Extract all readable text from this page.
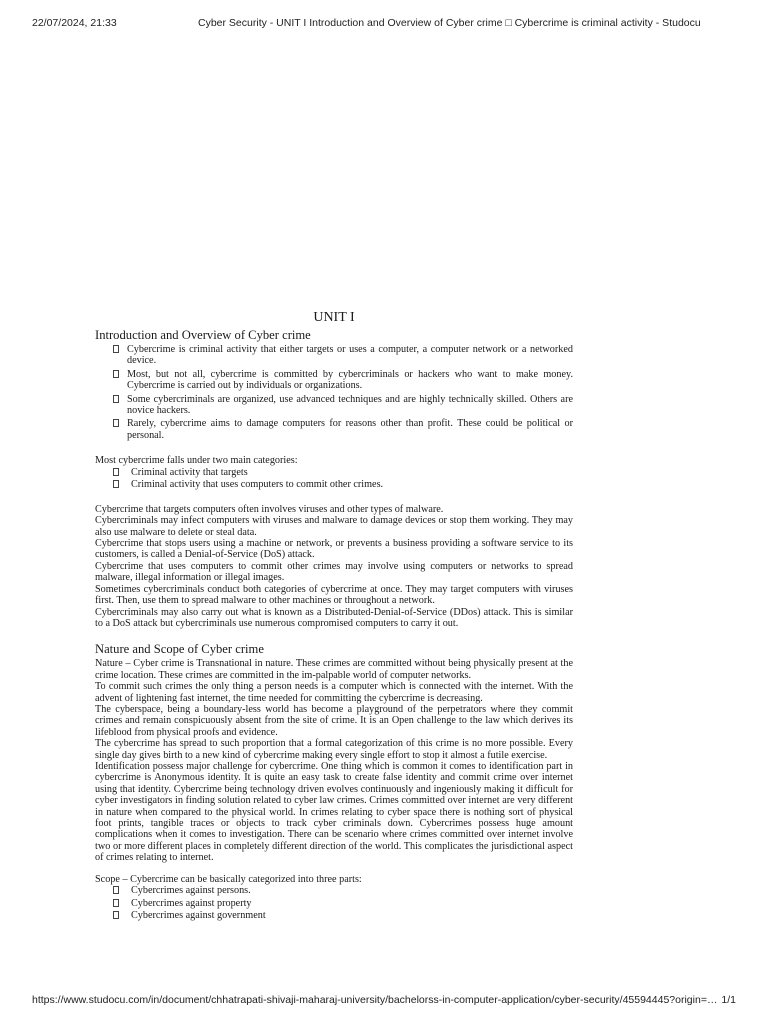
22/07/2024, 21:33	Cyber Security - UNIT I Introduction and Overview of Cyber crime □ Cybercrime is criminal activity - Studocu
UNIT I
Introduction and Overview of Cyber crime
Cybercrime is criminal activity that either targets or uses a computer, a computer network or a networked device.
Most, but not all, cybercrime is committed by cybercriminals or hackers who want to make money. Cybercrime is carried out by individuals or organizations.
Some cybercriminals are organized, use advanced techniques and are highly technically skilled. Others are novice hackers.
Rarely, cybercrime aims to damage computers for reasons other than profit. These could be political or personal.

Most cybercrime falls under two main categories:

Criminal activity that targets
Criminal activity that uses computers to commit other crimes.

Cybercrime that targets computers often involves viruses and other types of malware.

Cybercriminals may infect computers with viruses and malware to damage devices or stop them working. They may also use malware to delete or steal data.

Cybercrime that stops users using a machine or network, or prevents a business providing a software service to its customers, is called a Denial-of-Service (DoS) attack.

Cybercrime that uses computers to commit other crimes may involve using computers or networks to spread malware, illegal information or illegal images.

Sometimes cybercriminals conduct both categories of cybercrime at once. They may target computers with viruses first. Then, use them to spread malware to other machines or throughout a network.

Cybercriminals may also carry out what is known as a Distributed-Denial-of-Service (DDos) attack. This is similar to a DoS attack but cybercriminals use numerous compromised computers to carry it out.

Nature and Scope of Cyber crime

Nature – Cyber crime is Transnational in nature. These crimes are committed without being physically present at the crime location. These crimes are committed in the im-palpable world of computer networks.

To commit such crimes the only thing a person needs is a computer which is connected with the internet. With the advent of lightening fast internet, the time needed for committing the cybercrime is decreasing.

The cyberspace, being a boundary-less world has become a playground of the perpetrators where they commit crimes and remain conspicuously absent from the site of crime. It is an Open challenge to the law which derives its lifeblood from physical proofs and evidence.

The cybercrime has spread to such proportion that a formal categorization of this crime is no more possible. Every single day gives birth to a new kind of cybercrime making every single effort to stop it almost a futile exercise.

Identification possess major challenge for cybercrime. One thing which is common it comes to identification part in cybercrime is Anonymous identity. It is quite an easy task to create false identity and commit crime over internet using that identity. Cybercrime being technology driven evolves continuously and ingeniously making it difficult for cyber investigators in finding solution related to cyber law crimes. Crimes committed over internet are very different in nature when compared to the physical world. In crimes relating to cyber space there is nothing sort of physical foot prints, tangible traces or objects to track cyber criminals down. Cybercrimes possess huge amount complications when it comes to investigation. There can be scenario where crimes committed over internet involve two or more different places in completely different direction of the world. This complicates the jurisdictional aspect of crimes relating to internet.

Scope – Cybercrime can be basically categorized into three parts:

Cybercrimes against persons.
Cybercrimes against property
Cybercrimes against government
https://www.studocu.com/in/document/chhatrapati-shivaji-maharaj-university/bachelorss-in-computer-application/cyber-security/45594445?origin=… 1/1
